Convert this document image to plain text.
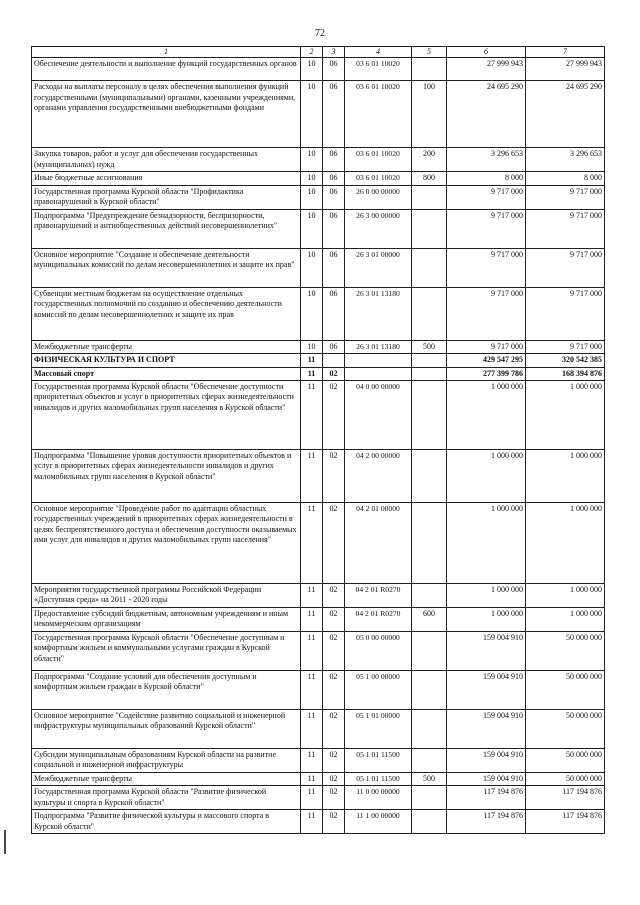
72
1	2	3	4	5	6	7
Обеспечение деятельности и выполнение функций государственных органов	10	06	03 6 01 10020		27 999 943	27 999 943
Расходы на выплаты персоналу в целях обеспечения выполнения функций государственными (муниципальными) органами, казенными учреждениями, органами управления государственными внебюджетными фондами	10	06	03 6 01 10020	100	24 695 290	24 695 290
Закупка товаров, работ и услуг для обеспечения государственных (муниципальных) нужд	10	06	03 6 01 10020	200	3 296 653	3 296 653
Иные бюджетные ассигнования	10	06	03 6 01 10020	800	8 000	8 000
Государственная программа Курской области "Профилактика правонарушений в Курской области"	10	06	26 0 00 00000		9 717 000	9 717 000
Подпрограмма "Предупреждение безнадзорности, беспризорности, правонарушений и антиобщественных действий несовершеннолетних"	10	06	26 3 00 00000		9 717 000	9 717 000
Основное мероприятие "Создание и обеспечение деятельности муниципальных комиссий по делам несовершеннолетних и защите их прав"	10	06	26 3 01 00000		9 717 000	9 717 000
Субвенции местным бюджетам на осуществление отдельных государственных полномочий по созданию и обеспечению деятельности комиссий по делам несовершеннолетних и защите их прав	10	06	26 3 01 13180		9 717 000	9 717 000
Межбюджетные трансферты	10	06	26 3 01 13180	500	9 717 000	9 717 000
ФИЗИЧЕСКАЯ КУЛЬТУРА И СПОРТ	11				429 547 295	320 542 385
Массовый спорт	11	02			277 399 786	168 394 876
Государственная программа Курской области "Обеспечение доступности приоритетных объектов и услуг в приоритетных сферах жизнедеятельности инвалидов и других маломобильных групп населения в Курской области"	11	02	04 0 00 00000		1 000 000	1 000 000
Подпрограмма "Повышение уровня доступности приоритетных объектов и услуг в приоритетных сферах жизнедеятельности инвалидов и других маломобильных групп населения в Курской области"	11	02	04 2 00 00000		1 000 000	1 000 000
Основное мероприятие "Проведение работ по адаптации областных государственных учреждений в приоритетных сферах жизнедеятельности в целях беспрепятственного доступа и обеспечения доступности оказываемых ими услуг для инвалидов и других маломобильных групп населения"	11	02	04 2 01 00000		1 000 000	1 000 000
Мероприятия государственной программы Российской Федерации «Доступная среда» на 2011 - 2020 годы	11	02	04 2 01 R0270		1 000 000	1 000 000
Предоставление субсидий бюджетным, автономным учреждениям и иным некоммерческим организациям	11	02	04 2 01 R0270	600	1 000 000	1 000 000
Государственная программа Курской области "Обеспечение доступным и комфортным жильем и коммунальными услугами граждан в Курской области"	11	02	05 0 00 00000		159 004 910	50 000 000
Подпрограмма "Создание условий для обеспечения доступным и комфортным жильем граждан в Курской области"	11	02	05 1 00 00000		159 004 910	50 000 000
Основное мероприятие "Содействие развитию социальной и инженерной инфраструктуры муниципальных образований Курской области"	11	02	05 1 01 00000		159 004 910	50 000 000
Субсидии муниципальным образованиям Курской области на развитие социальной и инженерной инфраструктуры	11	02	05 1 01 11500		159 004 910	50 000 000
Межбюджетные трансферты	11	02	05 1 01 11500	500	159 004 910	50 000 000
Государственная программа Курской области "Развитие физической культуры и спорта в Курской области"	11	02	11 0 00 00000		117 194 876	117 194 876
Подпрограмма "Развитие физической культуры и массового спорта в Курской области"	11	02	11 1 00 00000		117 194 876	117 194 876
